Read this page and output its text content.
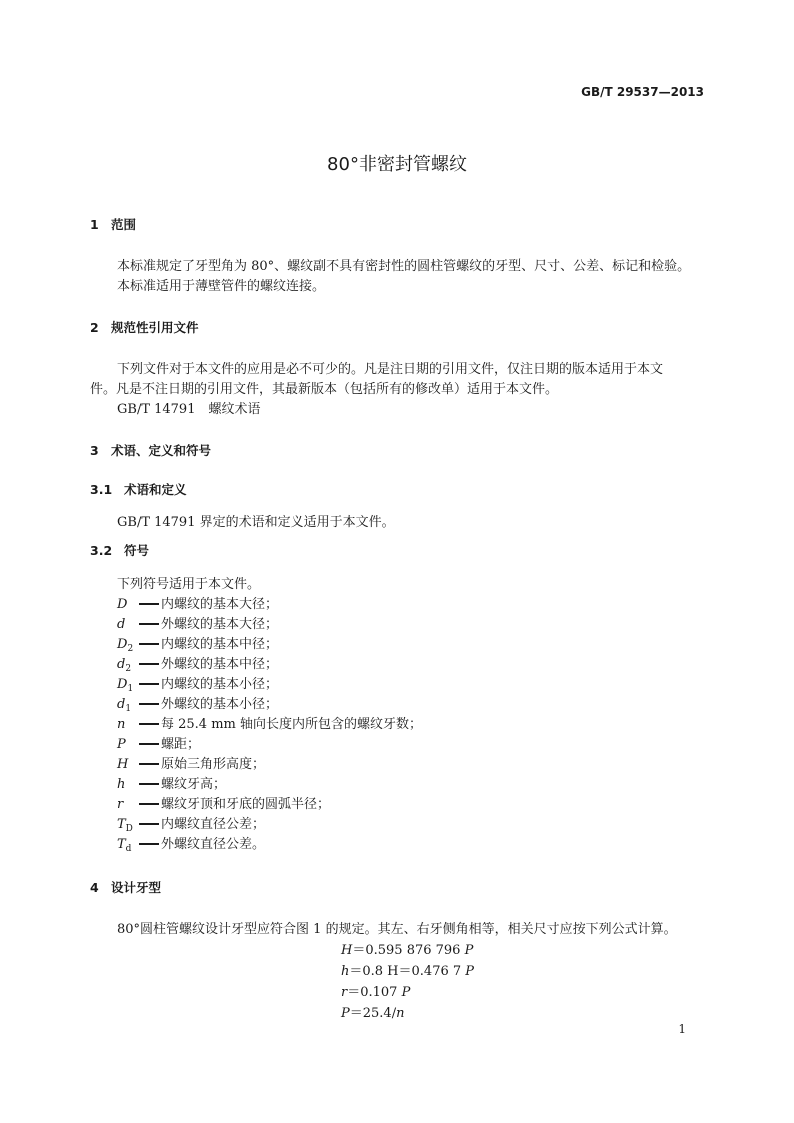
GB/T 29537—2013
80°非密封管螺纹
1 范围
本标准规定了牙型角为 80°、螺纹副不具有密封性的圆柱管螺纹的牙型、尺寸、公差、标记和检验。
本标准适用于薄壁管件的螺纹连接。
2 规范性引用文件
下列文件对于本文件的应用是必不可少的。凡是注日期的引用文件，仅注日期的版本适用于本文
件。凡是不注日期的引用文件，其最新版本（包括所有的修改单）适用于本文件。
GB/T 14791　螺纹术语
3 术语、定义和符号
3.1 术语和定义
GB/T 14791 界定的术语和定义适用于本文件。
3.2 符号
下列符号适用于本文件。
D	内螺纹的基本大径；
d	外螺纹的基本大径；
$D_2$ 内螺纹的基本中径；
$d_2$ 外螺纹的基本中径；
$D_1$ 内螺纹的基本小径；
$d_1$ 外螺纹的基本小径；
n	每 25.4 mm 轴向长度内所包含的螺纹牙数；
P	螺距；
H	原始三角形高度；
h	螺纹牙高；
r	螺纹牙顶和牙底的圆弧半径；
$T_D$ 内螺纹直径公差；
$T_d$ 外螺纹直径公差。
4 设计牙型
80°圆柱管螺纹设计牙型应符合图 1 的规定。其左、右牙侧角相等，相关尺寸应按下列公式计算。
H＝0.595 876 796 P
h＝0.8 H＝0.476 7 P
r＝0.107 P
P＝25.4/n
1
